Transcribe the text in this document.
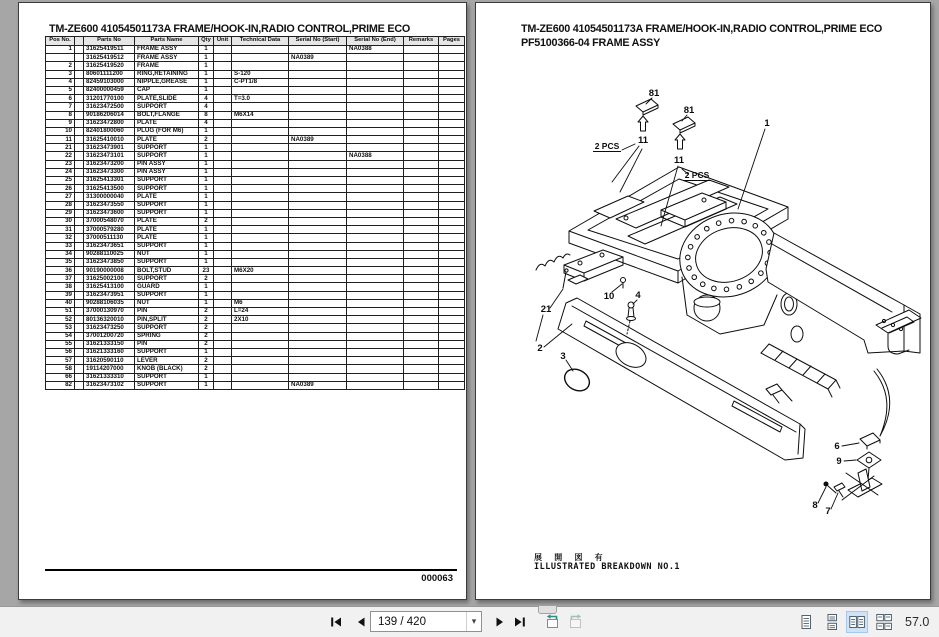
TM-ZE600 41054501173A FRAME/HOOK-IN,RADIO CONTROL,PRIME ECO
Pos No.		Parts No	Parts Name	Qty	Unit	Technical Data	Serial No (Start)	Serial No (End)	Remarks	Pages
1		31625419511	FRAME ASSY	1				NA0388		
		31625419512	FRAME ASSY	1			NA0389			
2		31625419520	FRAME	1						
3		80601111200	RING,RETAINING	1		S-120				
4		82459103000	NIPPLE,GREASE	1		C-PT1/8				
5		82400000459	CAP	1						
6		31201770100	PLATE,SLIDE	4		T=3.0				
7		31623472500	SUPPORT	4						
8		90186206014	BOLT,FLANGE	8		M6X14				
9		31623472800	PLATE	4						
10		82401800060	PLUG (FOR M6)	1						
11		31625410010	PLATE	2			NA0389			
21		31623473901	SUPPORT	1						
22		31623473101	SUPPORT	1				NA0388		
23		31623473200	PIN ASSY	1						
24		31623473300	PIN ASSY	1						
25		31625413301	SUPPORT	1						
26		31625413500	SUPPORT	1						
27		31300000040	PLATE	1						
28		31623473550	SUPPORT	1						
29		31623473600	SUPPORT	1						
30		37000548070	PLATE	2						
31		37000579280	PLATE	1						
32		37000511130	PLATE	1						
33		31623473651	SUPPORT	1						
34		90288110025	NUT	1						
35		31623473850	SUPPORT	1						
36		90190000008	BOLT,STUD	23		M6X20				
37		31625002100	SUPPORT	2						
38		31625413100	GUARD	1						
39		31623473951	SUPPORT	1						
40		90288106035	NUT	1		M6				
51		37000130970	PIN	2		L=24				
52		80136320010	PIN,SPLIT	2		2X10				
53		31623473250	SUPPORT	2						
54		37001200720	SPRING	2						
55		31621333150	PIN	2						
56		31621333160	SUPPORT	1						
57		31620590110	LEVER	2						
58		19114207000	KNOB (BLACK)	2						
66		31621333310	SUPPORT	1						
82		31623473102	SUPPORT	1			NA0389			
000063
TM-ZE600 41054501173A FRAME/HOOK-IN,RADIO CONTROL,PRIME ECO
PF5100366-04 FRAME ASSY
81
81
2 PCS 11
11
2 PCS
1
10 4
21
2
3
6
9
8
7
展 開 図 有
ILLUSTRATED BREAKDOWN NO.1
139 / 420	▾	57.0
